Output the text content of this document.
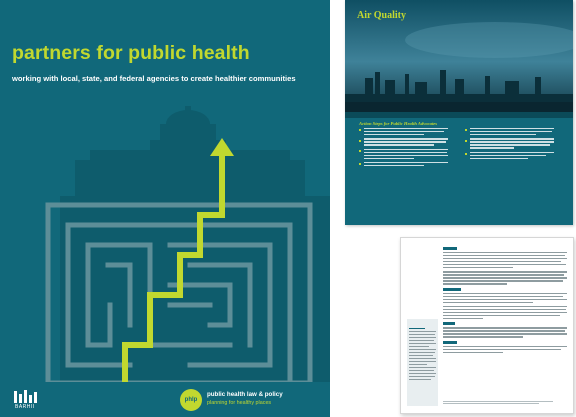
partners for public health

working with local, state, and federal agencies to create healthier communities

BARHII
phlp
public health law & policy
planning for healthy places
Air Quality
Action Steps for Public Health Advocates
